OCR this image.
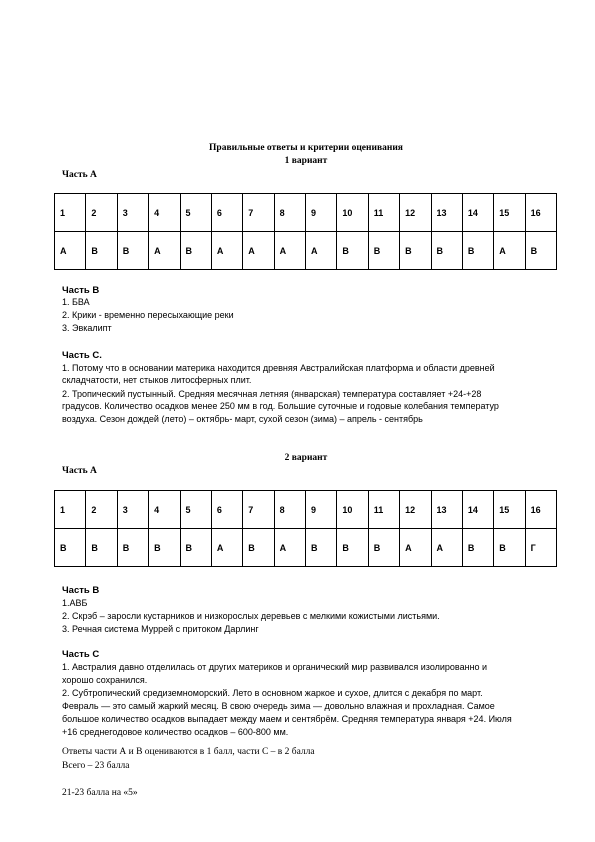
Правильные ответы и критерии оценивания
1 вариант
Часть А
1	2	3	4	5	6	7	8	9	10	11	12	13	14	15	16
А	В	В	А	В	А	А	А	А	В	В	В	В	В	А	В
Часть В
1. БВА
2. Крики - временно пересыхающие реки
3. Эвкалипт
Часть С.
1. Потому что в основании материка находится древняя Австралийская платформа и области древней
складчатости, нет стыков литосферных плит.
2. Тропический пустынный. Средняя месячная летняя (январская) температура составляет +24-+28
градусов. Количество осадков менее 250 мм в год. Большие суточные и годовые колебания температур
воздуха. Сезон дождей (лето) – октябрь- март, сухой сезон (зима) – апрель - сентябрь
2 вариант
Часть А
1	2	3	4	5	6	7	8	9	10	11	12	13	14	15	16
В	В	В	В	В	А	В	А	В	В	В	А	А	В	В	Г
Часть В
1.АВБ
2. Скрэб – заросли кустарников и низкорослых деревьев с мелкими кожистыми листьями.
3. Речная система Муррей с притоком Дарлинг
Часть С
1. Австралия давно отделилась от других материков и органический мир развивался изолированно и
хорошо сохранился.
2. Субтропический средиземноморский. Лето в основном жаркое и сухое, длится с декабря по март.
Февраль — это самый жаркий месяц. В свою очередь зима — довольно влажная и прохладная. Самое
большое количество осадков выпадает между маем и сентябрём. Средняя температура января +24. Июля
+16 среднегодовое количество осадков – 600-800 мм.
Ответы части А и В оцениваются в 1 балл, части С – в 2 балла
Всего – 23 балла
21-23 балла на «5»
